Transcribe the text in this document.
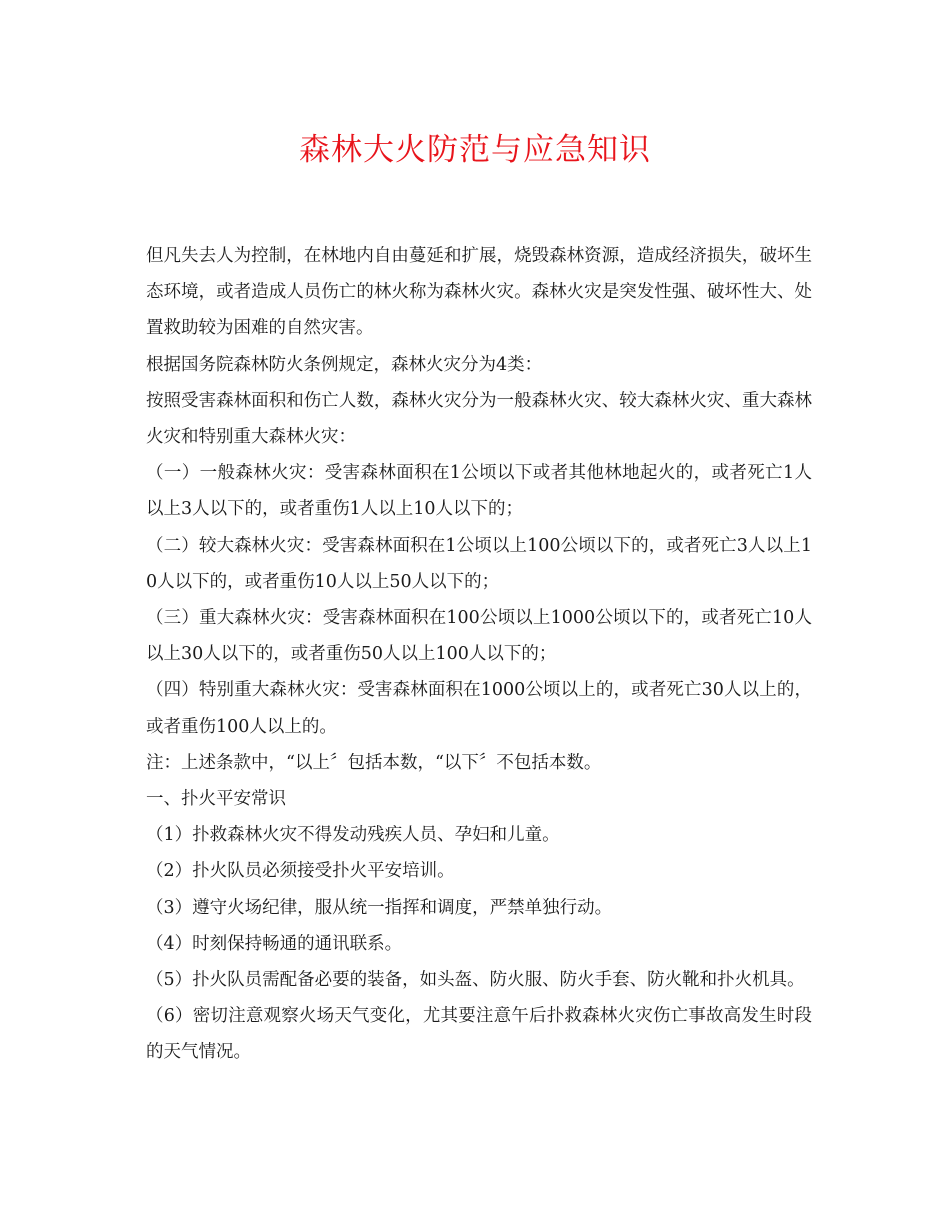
森林大火防范与应急知识

但凡失去人为控制，在林地内自由蔓延和扩展，烧毁森林资源，造成经济损失，破坏生态环境，或者造成人员伤亡的林火称为森林火灾。森林火灾是突发性强、破坏性大、处置救助较为困难的自然灾害。

根据国务院森林防火条例规定，森林火灾分为4类：

按照受害森林面积和伤亡人数，森林火灾分为一般森林火灾、较大森林火灾、重大森林火灾和特别重大森林火灾：

（一）一般森林火灾：受害森林面积在1公顷以下或者其他林地起火的，或者死亡1人以上3人以下的，或者重伤1人以上10人以下的；

（二）较大森林火灾：受害森林面积在1公顷以上100公顷以下的，或者死亡3人以上10人以下的，或者重伤10人以上50人以下的；

（三）重大森林火灾：受害森林面积在100公顷以上1000公顷以下的，或者死亡10人以上30人以下的，或者重伤50人以上100人以下的；

（四）特别重大森林火灾：受害森林面积在1000公顷以上的，或者死亡30人以上的，或者重伤100人以上的。

注：上述条款中，“以上〞包括本数，“以下〞不包括本数。

一、扑火平安常识

（1）扑救森林火灾不得发动残疾人员、孕妇和儿童。

（2）扑火队员必须接受扑火平安培训。

（3）遵守火场纪律，服从统一指挥和调度，严禁单独行动。

（4）时刻保持畅通的通讯联系。

（5）扑火队员需配备必要的装备，如头盔、防火服、防火手套、防火靴和扑火机具。

（6）密切注意观察火场天气变化，尤其要注意午后扑救森林火灾伤亡事故高发生时段的天气情况。
